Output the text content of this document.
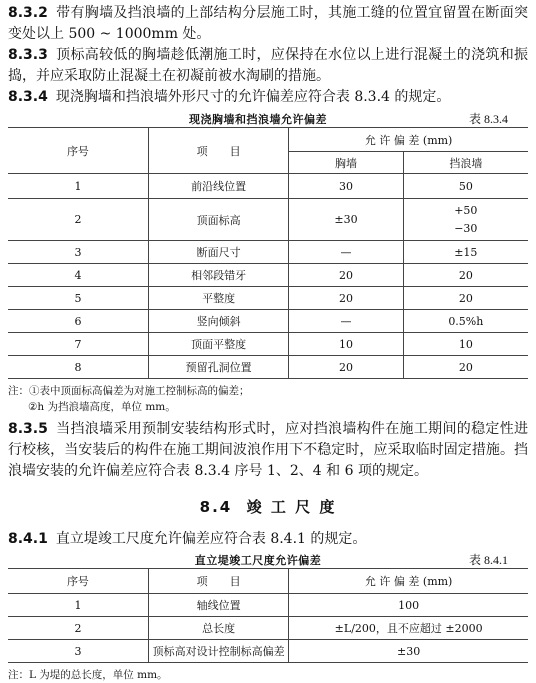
8.3.2 带有胸墙及挡浪墙的上部结构分层施工时，其施工缝的位置宜留置在断面突变处以上 500 ~ 1000mm 处。

8.3.3 顶标高较低的胸墙趁低潮施工时，应保持在水位以上进行混凝土的浇筑和振捣，并应采取防止混凝土在初凝前被水淘刷的措施。

8.3.4 现浇胸墙和挡浪墙外形尺寸的允许偏差应符合表 8.3.4 的规定。

现浇胸墙和挡浪墙允许偏差	表 8.3.4
序号	项　　目	允 许 偏 差 (mm)	
		胸墙	挡浪墙
1	前沿线位置	30	50
2	顶面标高	±30	+50
−30

3	断面尺寸	—	±15
4	相邻段错牙	20	20
5	平整度	20	20
6	竖向倾斜	—	0.5%h
7	顶面平整度	10	10
8	预留孔洞位置	20	20

注：①表中顶面标高偏差为对施工控制标高的偏差；

②h 为挡浪墙高度，单位 mm。

8.3.5 当挡浪墙采用预制安装结构形式时，应对挡浪墙构件在施工期间的稳定性进行校核，当安装后的构件在施工期间波浪作用下不稳定时，应采取临时固定措施。挡浪墙安装的允许偏差应符合表 8.3.4 序号 1、2、4 和 6 项的规定。

8.4 竣 工 尺 度

8.4.1 直立堤竣工尺度允许偏差应符合表 8.4.1 的规定。

直立堤竣工尺度允许偏差	表 8.4.1
序号	项　　目	允 许 偏 差 (mm)
1	轴线位置	100
2	总长度	±L/200，且不应超过 ±2000
3	顶标高对设计控制标高偏差	±30

注：L 为堤的总长度，单位 mm。
